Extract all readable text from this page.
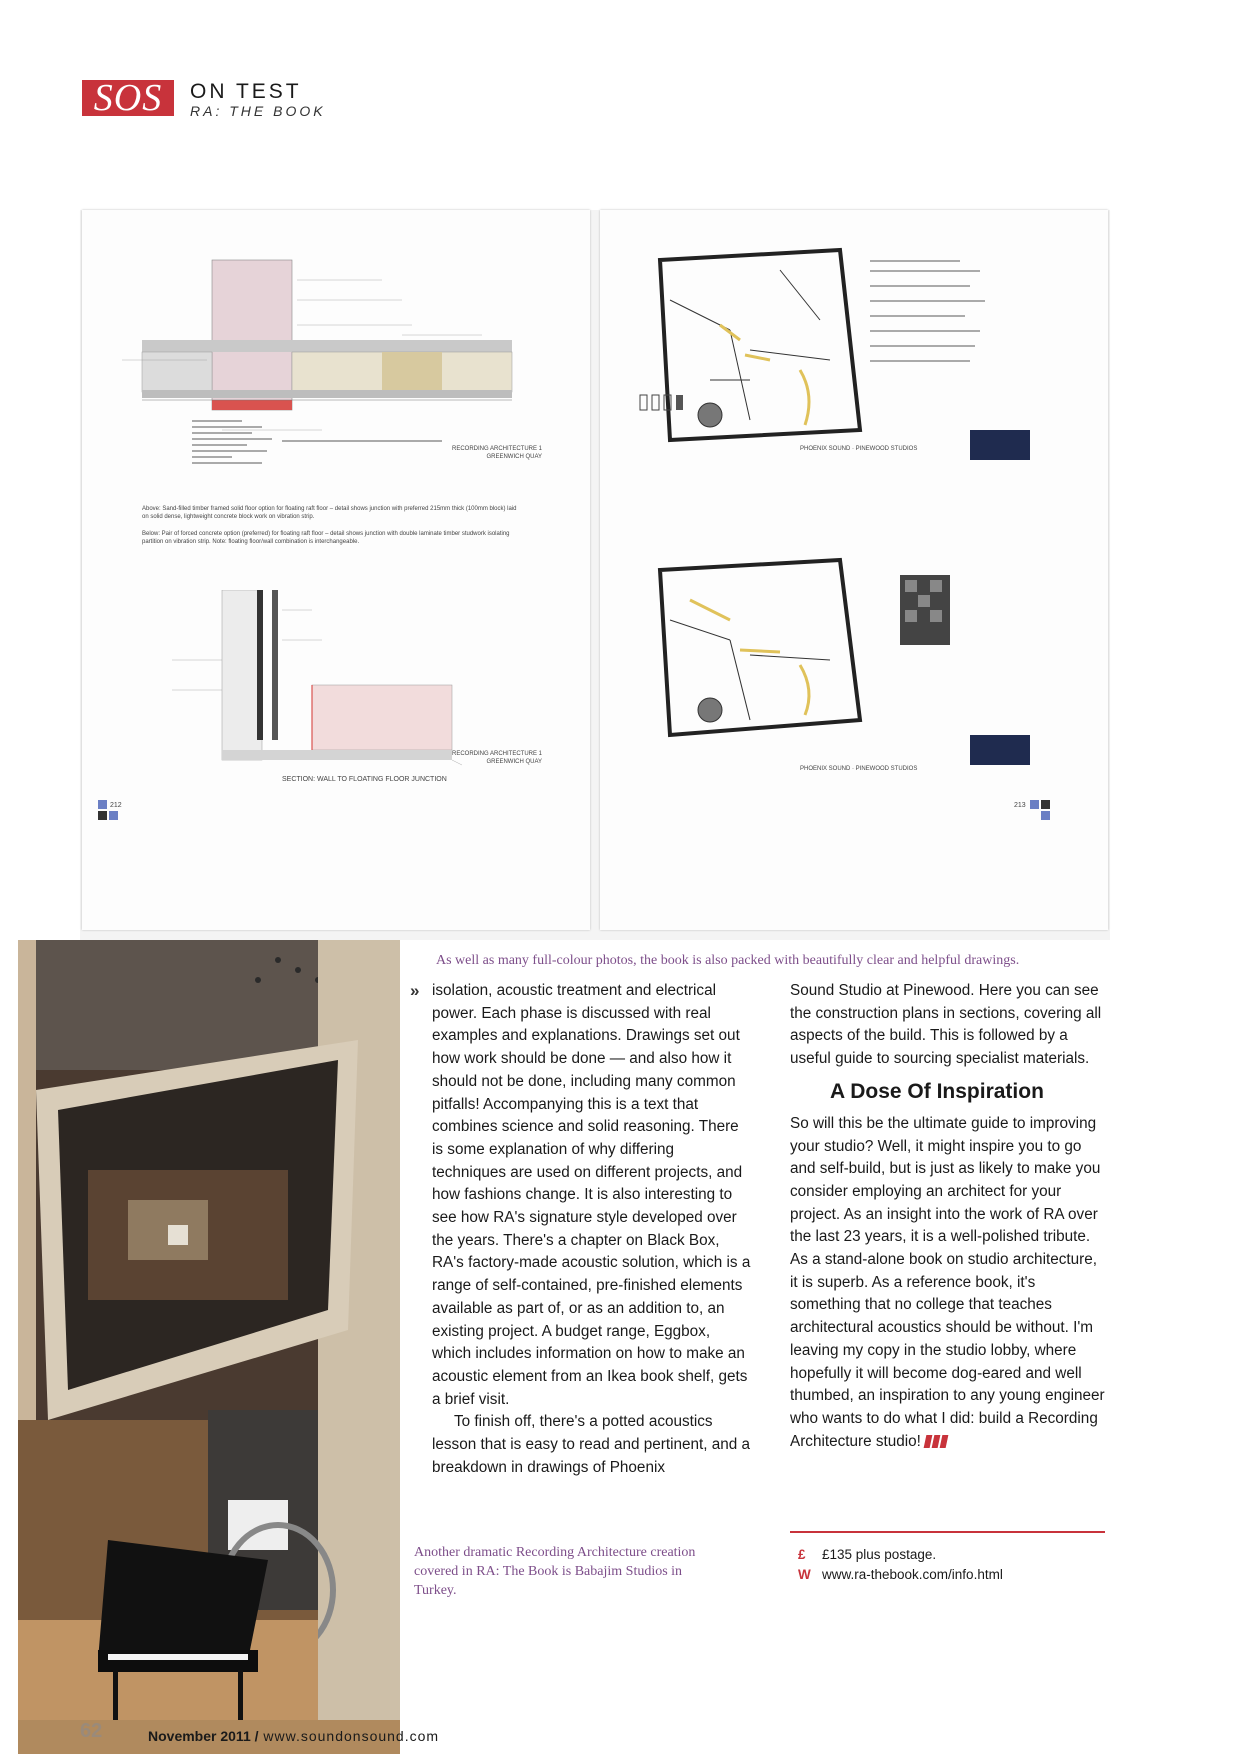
SOS	ON TEST
RA: THE BOOK
RECORDING ARCHITECTURE 1 GREENWICH QUAY
Above: Sand-filled timber framed solid floor option for floating raft floor – detail shows junction with preferred 215mm thick (100mm block) laid on solid dense, lightweight concrete block work on vibration strip.
Below: Pair of forced concrete option (preferred) for floating raft floor – detail shows junction with double laminate timber studwork isolating partition on vibration strip. Note: floating floor/wall combination is interchangeable.
RECORDING ARCHITECTURE 1 GREENWICH QUAY
SECTION: WALL TO FLOATING FLOOR JUNCTION
212
PHOENIX SOUND · PINEWOOD STUDIOS
PHOENIX SOUND · PINEWOOD STUDIOS
213
As well as many full-colour photos, the book is also packed with beautifully clear and helpful drawings.
Another dramatic Recording Architecture creation covered in RA: The Book is Babajim Studios in Turkey.
» isolation, acoustic treatment and electrical power. Each phase is discussed with real examples and explanations. Drawings set out how work should be done — and also how it should not be done, including many common pitfalls! Accompanying this is a text that combines science and solid reasoning. There is some explanation of why differing techniques are used on different projects, and how fashions change. It is also interesting to see how RA's signature style developed over the years. There's a chapter on Black Box, RA's factory-made acoustic solution, which is a range of self-contained, pre-finished elements available as part of, or as an addition to, an existing project. A budget range, Eggbox, which includes information on how to make an acoustic element from an Ikea book shelf, gets a brief visit.

To finish off, there's a potted acoustics lesson that is easy to read and pertinent, and a breakdown in drawings of Phoenix

Sound Studio at Pinewood. Here you can see the construction plans in sections, covering all aspects of the build. This is followed by a useful guide to sourcing specialist materials.

A Dose Of Inspiration

So will this be the ultimate guide to improving your studio? Well, it might inspire you to go and self-build, but is just as likely to make you consider employing an architect for your project. As an insight into the work of RA over the last 23 years, it is a well-polished tribute. As a stand-alone book on studio architecture, it is superb. As a reference book, it's something that no college that teaches architectural acoustics should be without. I'm leaving my copy in the studio lobby, where hopefully it will become dog-eared and well thumbed, an inspiration to any young engineer who wants to do what I did: build a Recording Architecture studio!

£ £135 plus postage.
W www.ra-thebook.com/info.html
62	November 2011 / www.soundonsound.com
